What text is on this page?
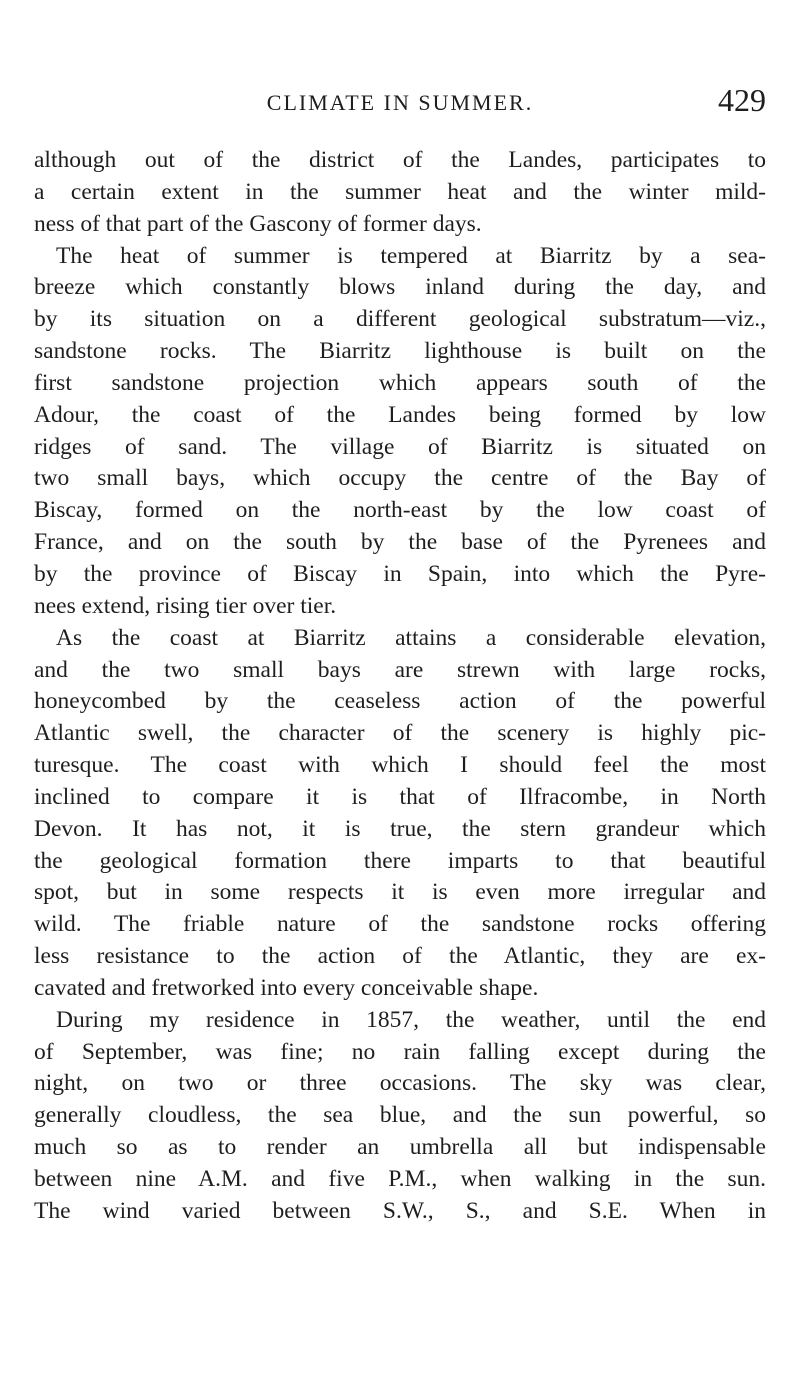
CLIMATE IN SUMMER.	429
although out of the district of the Landes, participates to
a certain extent in the summer heat and the winter mild-
ness of that part of the Gascony of former days.
The heat of summer is tempered at Biarritz by a sea-
breeze which constantly blows inland during the day, and
by its situation on a different geological substratum—viz.,
sandstone rocks. The Biarritz lighthouse is built on the
first sandstone projection which appears south of the
Adour, the coast of the Landes being formed by low
ridges of sand. The village of Biarritz is situated on
two small bays, which occupy the centre of the Bay of
Biscay, formed on the north-east by the low coast of
France, and on the south by the base of the Pyrenees and
by the province of Biscay in Spain, into which the Pyre-
nees extend, rising tier over tier.
As the coast at Biarritz attains a considerable elevation,
and the two small bays are strewn with large rocks,
honeycombed by the ceaseless action of the powerful
Atlantic swell, the character of the scenery is highly pic-
turesque. The coast with which I should feel the most
inclined to compare it is that of Ilfracombe, in North
Devon. It has not, it is true, the stern grandeur which
the geological formation there imparts to that beautiful
spot, but in some respects it is even more irregular and
wild. The friable nature of the sandstone rocks offering
less resistance to the action of the Atlantic, they are ex-
cavated and fretworked into every conceivable shape.
During my residence in 1857, the weather, until the end
of September, was fine; no rain falling except during the
night, on two or three occasions. The sky was clear,
generally cloudless, the sea blue, and the sun powerful, so
much so as to render an umbrella all but indispensable
between nine A.M. and five P.M., when walking in the sun.
The wind varied between S.W., S., and S.E. When in
